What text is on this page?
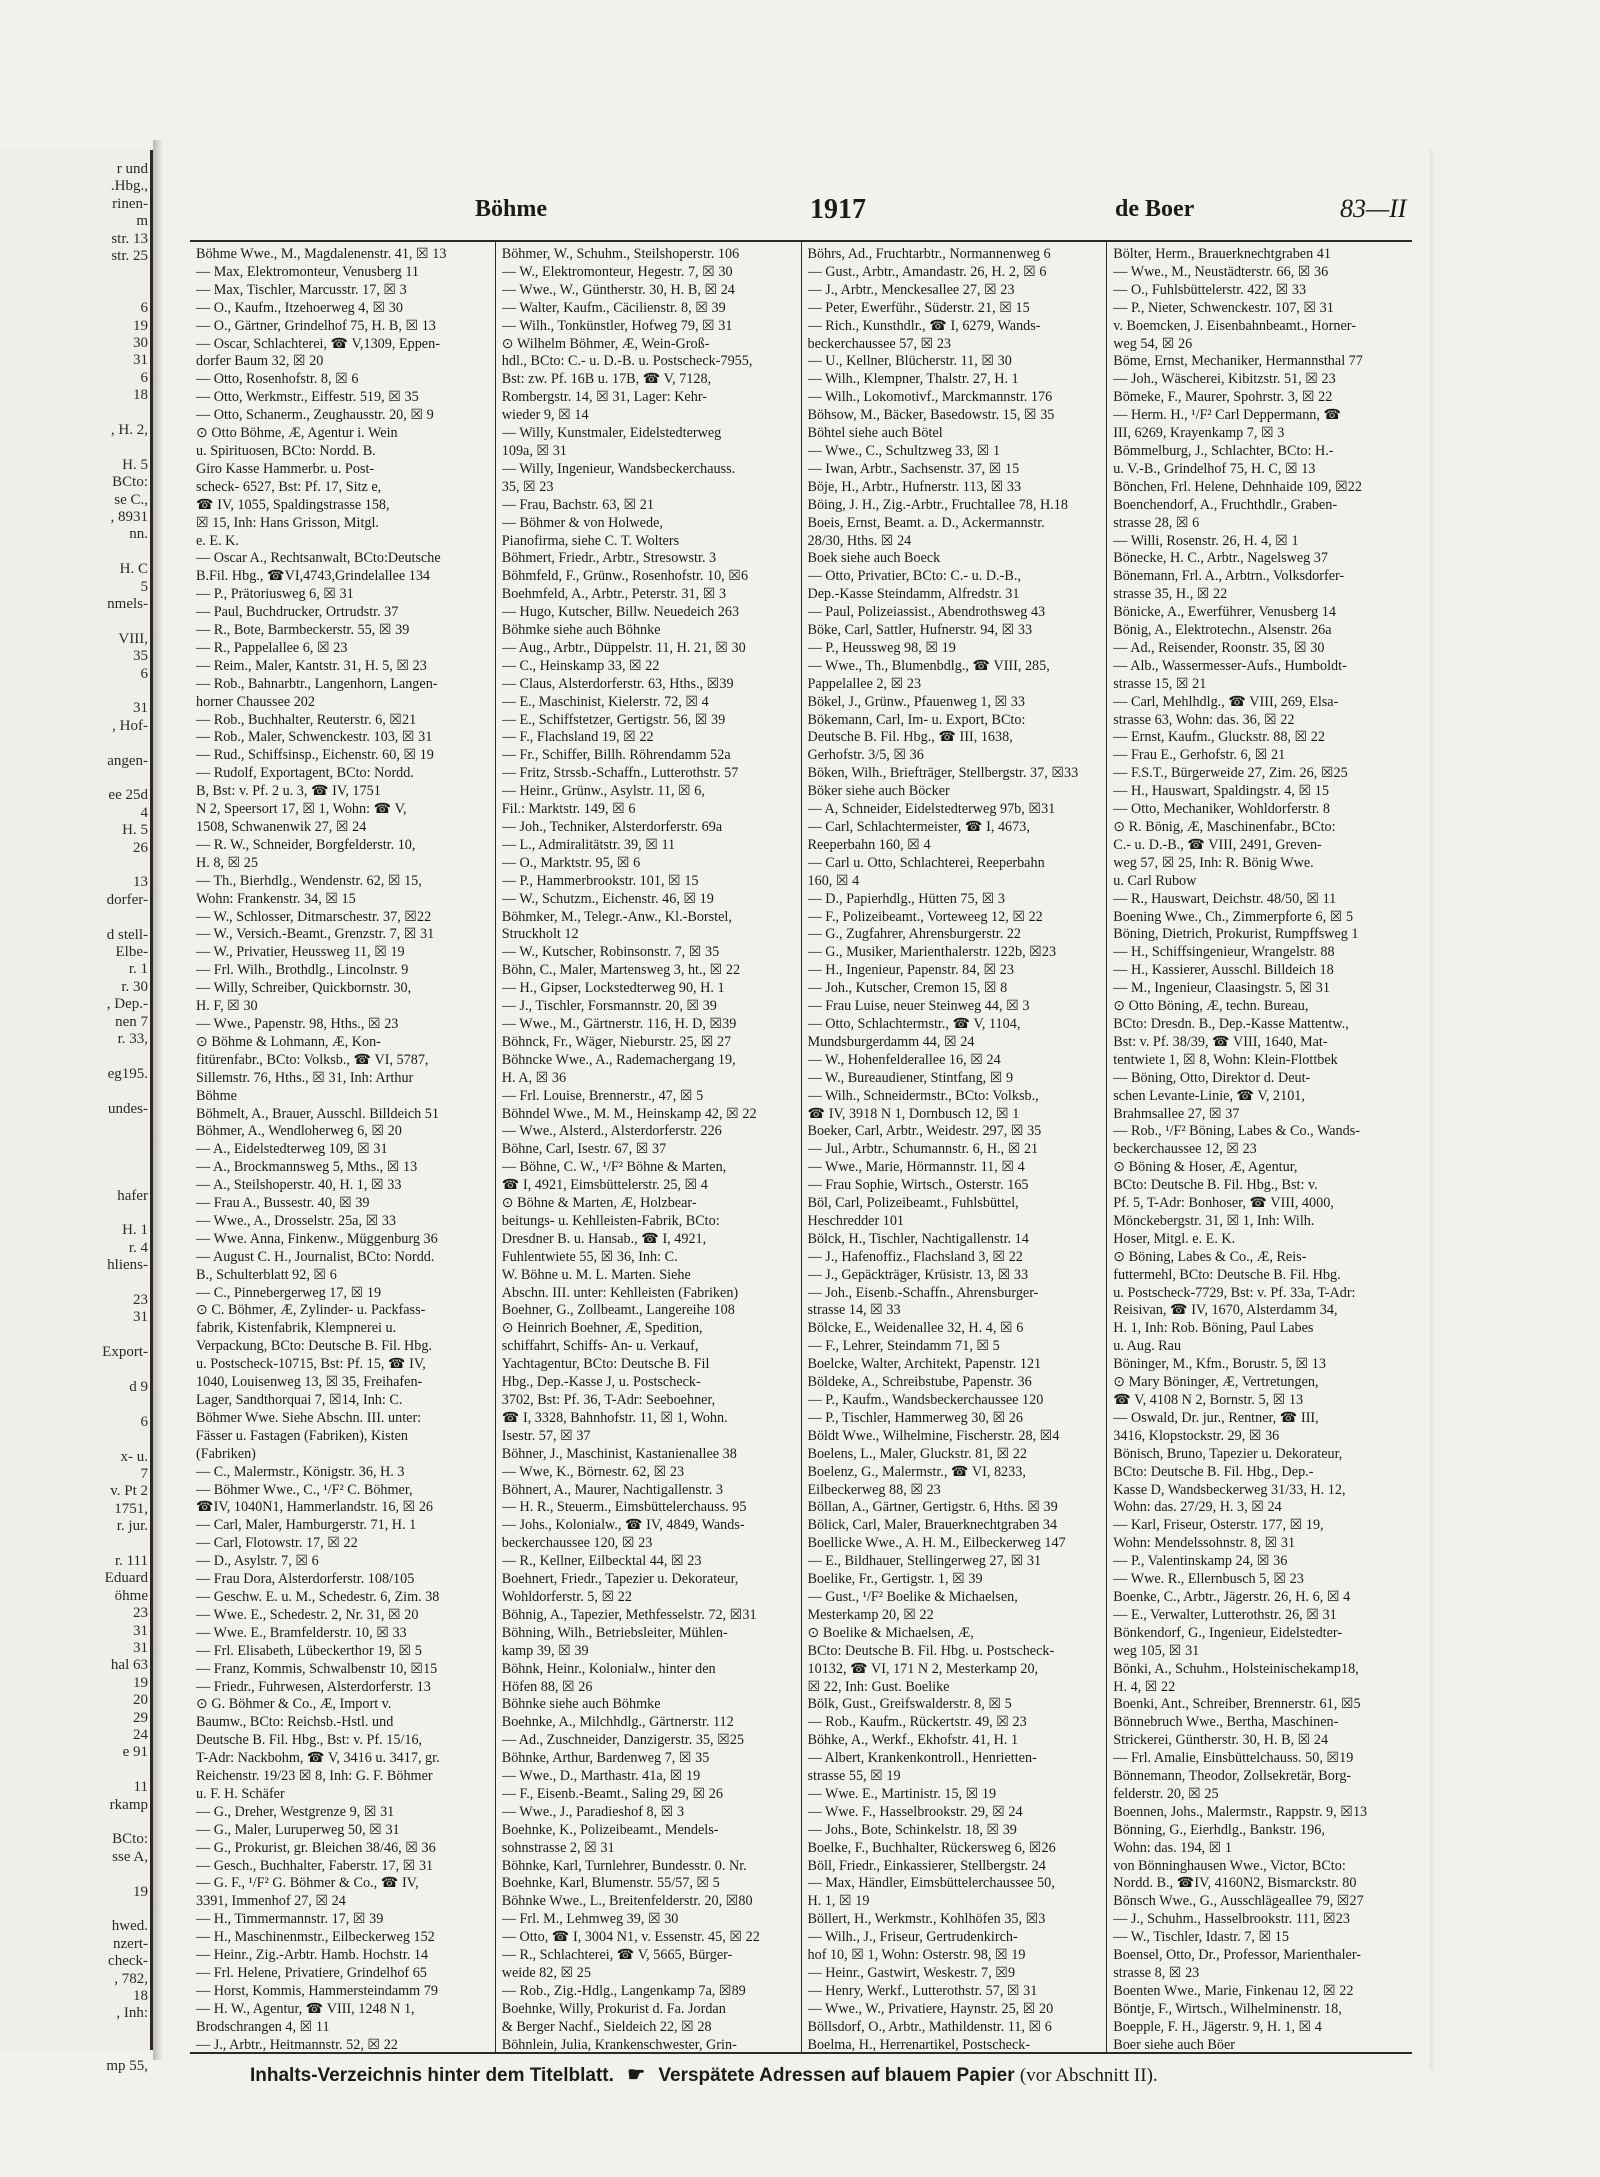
r und
.Hbg.,
rinen-
m
str. 13
str. 25
6
19
30
31
6
18
, H. 2,
H. 5
BCto:
se C.,
, 8931
nn.
H. C
5
nmels-
VIII,
35
6
31
, Hof-
angen-
ee 25d
4
H. 5
26
13
dorfer-
d stell-
Elbe-
r. 1
r. 30
, Dep.-
nen 7
r. 33,
eg195.
undes-
hafer
H. 1
r. 4
hliens-
23
31
Export-
d 9
6
x- u.
7
v. Pt 2
1751,
r. jur.
r. 111
Eduard
öhme
23
31
31
hal 63
19
20
29
24
e 91
11
rkamp
BCto:
sse A,
19
hwed.
nzert-
check-
, 782,
18
, Inh:
mp 55,
Böhme	1917	de Boer	83—II
Böhme Wwe., M., Magdalenenstr. 41, ☒ 13
— Max, Elektromonteur, Venusberg 11
— Max, Tischler, Marcusstr. 17, ☒ 3
— O., Kaufm., Itzehoerweg 4, ☒ 30
— O., Gärtner, Grindelhof 75, H. B, ☒ 13
— Oscar, Schlachterei, ☎ V,1309, Eppen-
dorfer Baum 32, ☒ 20
— Otto, Rosenhofstr. 8, ☒ 6
— Otto, Werkmstr., Eiffestr. 519, ☒ 35
— Otto, Schanerm., Zeughausstr. 20, ☒ 9
⊙ Otto Böhme, Æ, Agentur i. Wein
u. Spirituosen, BCto: Nordd. B.
Giro Kasse Hammerbr. u. Post-
scheck- 6527, Bst: Pf. 17, Sitz e,
☎ IV, 1055, Spaldingstrasse 158,
☒ 15, Inh: Hans Grisson, Mitgl.
e. E. K.
— Oscar A., Rechtsanwalt, BCto:Deutsche
B.Fil. Hbg., ☎VI,4743,Grindelallee 134
— P., Prätoriusweg 6, ☒ 31
— Paul, Buchdrucker, Ortrudstr. 37
— R., Bote, Barmbeckerstr. 55, ☒ 39
— R., Pappelallee 6, ☒ 23
— Reim., Maler, Kantstr. 31, H. 5, ☒ 23
— Rob., Bahnarbtr., Langenhorn, Langen-
horner Chaussee 202
— Rob., Buchhalter, Reuterstr. 6, ☒21
— Rob., Maler, Schwenckestr. 103, ☒ 31
— Rud., Schiffsinsp., Eichenstr. 60, ☒ 19
— Rudolf, Exportagent, BCto: Nordd.
B, Bst: v. Pf. 2 u. 3, ☎ IV, 1751
N 2, Speersort 17, ☒ 1, Wohn: ☎ V,
1508, Schwanenwik 27, ☒ 24
— R. W., Schneider, Borgfelderstr. 10,
H. 8, ☒ 25
— Th., Bierhdlg., Wendenstr. 62, ☒ 15,
Wohn: Frankenstr. 34, ☒ 15
— W., Schlosser, Ditmarschestr. 37, ☒22
— W., Versich.-Beamt., Grenzstr. 7, ☒ 31
— W., Privatier, Heussweg 11, ☒ 19
— Frl. Wilh., Brothdlg., Lincolnstr. 9
— Willy, Schreiber, Quickbornstr. 30,
H. F, ☒ 30
— Wwe., Papenstr. 98, Hths., ☒ 23
⊙ Böhme & Lohmann, Æ, Kon-
fitürenfabr., BCto: Volksb., ☎ VI, 5787,
Sillemstr. 76, Hths., ☒ 31, Inh: Arthur
Böhme
Böhmelt, A., Brauer, Ausschl. Billdeich 51
Böhmer, A., Wendloherweg 6, ☒ 20
— A., Eidelstedterweg 109, ☒ 31
— A., Brockmannsweg 5, Mths., ☒ 13
— A., Steilshoperstr. 40, H. 1, ☒ 33
— Frau A., Bussestr. 40, ☒ 39
— Wwe., A., Drosselstr. 25a, ☒ 33
— Wwe. Anna, Finkenw., Müggenburg 36
— August C. H., Journalist, BCto: Nordd.
B., Schulterblatt 92, ☒ 6
— C., Pinnebergerweg 17, ☒ 19
⊙ C. Böhmer, Æ, Zylinder- u. Packfass-
fabrik, Kistenfabrik, Klempnerei u.
Verpackung, BCto: Deutsche B. Fil. Hbg.
u. Postscheck-10715, Bst: Pf. 15, ☎ IV,
1040, Louisenweg 13, ☒ 35, Freihafen-
Lager, Sandthorquai 7, ☒14, Inh: C.
Böhmer Wwe. Siehe Abschn. III. unter:
Fässer u. Fastagen (Fabriken), Kisten
(Fabriken)
— C., Malermstr., Königstr. 36, H. 3
— Böhmer Wwe., C., ¹/F² C. Böhmer,
☎IV, 1040N1, Hammerlandstr. 16, ☒ 26
— Carl, Maler, Hamburgerstr. 71, H. 1
— Carl, Flotowstr. 17, ☒ 22
— D., Asylstr. 7, ☒ 6
— Frau Dora, Alsterdorferstr. 108/105
— Geschw. E. u. M., Schedestr. 6, Zim. 38
— Wwe. E., Schedestr. 2, Nr. 31, ☒ 20
— Wwe. E., Bramfelderstr. 10, ☒ 33
— Frl. Elisabeth, Lübeckerthor 19, ☒ 5
— Franz, Kommis, Schwalbenstr 10, ☒15
— Friedr., Fuhrwesen, Alsterdorferstr. 13
⊙ G. Böhmer & Co., Æ, Import v.
Baumw., BCto: Reichsb.-Hstl. und
Deutsche B. Fil. Hbg., Bst: v. Pf. 15/16,
T-Adr: Nackbohm, ☎ V, 3416 u. 3417, gr.
Reichenstr. 19/23 ☒ 8, Inh: G. F. Böhmer
u. F. H. Schäfer
— G., Dreher, Westgrenze 9, ☒ 31
— G., Maler, Luruperweg 50, ☒ 31
— G., Prokurist, gr. Bleichen 38/46, ☒ 36
— Gesch., Buchhalter, Faberstr. 17, ☒ 31
— G. F., ¹/F² G. Böhmer & Co., ☎ IV,
3391, Immenhof 27, ☒ 24
— H., Timmermannstr. 17, ☒ 39
— H., Maschinenmstr., Eilbeckerweg 152
— Heinr., Zig.-Arbtr. Hamb. Hochstr. 14
— Frl. Helene, Privatiere, Grindelhof 65
— Horst, Kommis, Hammersteindamm 79
— H. W., Agentur, ☎ VIII, 1248 N 1,
Brodschrangen 4, ☒ 11
— J., Arbtr., Heitmannstr. 52, ☒ 22
Böhmer, W., Schuhm., Steilshoperstr. 106
— W., Elektromonteur, Hegestr. 7, ☒ 30
— Wwe., W., Güntherstr. 30, H. B, ☒ 24
— Walter, Kaufm., Cäcilienstr. 8, ☒ 39
— Wilh., Tonkünstler, Hofweg 79, ☒ 31
⊙ Wilhelm Böhmer, Æ, Wein-Groß-
hdl., BCto: C.- u. D.-B. u. Postscheck-7955,
Bst: zw. Pf. 16B u. 17B, ☎ V, 7128,
Rombergstr. 14, ☒ 31, Lager: Kehr-
wieder 9, ☒ 14
— Willy, Kunstmaler, Eidelstedterweg
109a, ☒ 31
— Willy, Ingenieur, Wandsbeckerchauss.
35, ☒ 23
— Frau, Bachstr. 63, ☒ 21
— Böhmer & von Holwede,
Pianofirma, siehe C. T. Wolters
Böhmert, Friedr., Arbtr., Stresowstr. 3
Böhmfeld, F., Grünw., Rosenhofstr. 10, ☒6
Boehmfeld, A., Arbtr., Peterstr. 31, ☒ 3
— Hugo, Kutscher, Billw. Neuedeich 263
Böhmke siehe auch Böhnke
— Aug., Arbtr., Düppelstr. 11, H. 21, ☒ 30
— C., Heinskamp 33, ☒ 22
— Claus, Alsterdorferstr. 63, Hths., ☒39
— E., Maschinist, Kielerstr. 72, ☒ 4
— E., Schiffstetzer, Gertigstr. 56, ☒ 39
— F., Flachsland 19, ☒ 22
— Fr., Schiffer, Billh. Röhrendamm 52a
— Fritz, Strssb.-Schaffn., Lutterothstr. 57
— Heinr., Grünw., Asylstr. 11, ☒ 6,
Fil.: Marktstr. 149, ☒ 6
— Joh., Techniker, Alsterdorferstr. 69a
— L., Admiralitätstr. 39, ☒ 11
— O., Marktstr. 95, ☒ 6
— P., Hammerbrookstr. 101, ☒ 15
— W., Schutzm., Eichenstr. 46, ☒ 19
Böhmker, M., Telegr.-Anw., Kl.-Borstel,
Struckholt 12
— W., Kutscher, Robinsonstr. 7, ☒ 35
Böhn, C., Maler, Martensweg 3, ht., ☒ 22
— H., Gipser, Lockstedterweg 90, H. 1
— J., Tischler, Forsmannstr. 20, ☒ 39
— Wwe., M., Gärtnerstr. 116, H. D, ☒39
Böhnck, Fr., Wäger, Nieburstr. 25, ☒ 27
Böhncke Wwe., A., Rademachergang 19,
H. A, ☒ 36
— Frl. Louise, Brennerstr., 47, ☒ 5
Böhndel Wwe., M. M., Heinskamp 42, ☒ 22
— Wwe., Alsterd., Alsterdorferstr. 226
Böhne, Carl, Isestr. 67, ☒ 37
— Böhne, C. W., ¹/F² Böhne & Marten,
☎ I, 4921, Eimsbüttelerstr. 25, ☒ 4
⊙ Böhne & Marten, Æ, Holzbear-
beitungs- u. Kehlleisten-Fabrik, BCto:
Dresdner B. u. Hansab., ☎ I, 4921,
Fuhlentwiete 55, ☒ 36, Inh: C.
W. Böhne u. M. L. Marten. Siehe
Abschn. III. unter: Kehlleisten (Fabriken)
Boehner, G., Zollbeamt., Langereihe 108
⊙ Heinrich Boehner, Æ, Spedition,
schiffahrt, Schiffs- An- u. Verkauf,
Yachtagentur, BCto: Deutsche B. Fil
Hbg., Dep.-Kasse J, u. Postscheck-
3702, Bst: Pf. 36, T-Adr: Seeboehner,
☎ I, 3328, Bahnhofstr. 11, ☒ 1, Wohn.
Isestr. 57, ☒ 37
Böhner, J., Maschinist, Kastanienallee 38
— Wwe, K., Börnestr. 62, ☒ 23
Böhnert, A., Maurer, Nachtigallenstr. 3
— H. R., Steuerm., Eimsbüttelerchauss. 95
— Johs., Kolonialw., ☎ IV, 4849, Wands-
beckerchaussee 120, ☒ 23
— R., Kellner, Eilbecktal 44, ☒ 23
Boehnert, Friedr., Tapezier u. Dekorateur,
Wohldorferstr. 5, ☒ 22
Böhnig, A., Tapezier, Methfesselstr. 72, ☒31
Böhning, Wilh., Betriebsleiter, Mühlen-
kamp 39, ☒ 39
Böhnk, Heinr., Kolonialw., hinter den
Höfen 88, ☒ 26
Böhnke siehe auch Böhmke
Boehnke, A., Milchhdlg., Gärtnerstr. 112
— Ad., Zuschneider, Danzigerstr. 35, ☒25
Böhnke, Arthur, Bardenweg 7, ☒ 35
— Wwe., D., Marthastr. 41a, ☒ 19
— F., Eisenb.-Beamt., Saling 29, ☒ 26
— Wwe., J., Paradieshof 8, ☒ 3
Boehnke, K., Polizeibeamt., Mendels-
sohnstrasse 2, ☒ 31
Böhnke, Karl, Turnlehrer, Bundesstr. 0. Nr.
Boehnke, Karl, Blumenstr. 55/57, ☒ 5
Böhnke Wwe., L., Breitenfelderstr. 20, ☒80
— Frl. M., Lehmweg 39, ☒ 30
— Otto, ☎ I, 3004 N1, v. Essenstr. 45, ☒ 22
— R., Schlachterei, ☎ V, 5665, Bürger-
weide 82, ☒ 25
— Rob., Zig.-Hdlg., Langenkamp 7a, ☒89
Boehnke, Willy, Prokurist d. Fa. Jordan
& Berger Nachf., Sieldeich 22, ☒ 28
Böhnlein, Julia, Krankenschwester, Grin-
Böhrs, Ad., Fruchtarbtr., Normannenweg 6
— Gust., Arbtr., Amandastr. 26, H. 2, ☒ 6
— J., Arbtr., Menckesallee 27, ☒ 23
— Peter, Ewerführ., Süderstr. 21, ☒ 15
— Rich., Kunsthdlr., ☎ I, 6279, Wands-
beckerchaussee 57, ☒ 23
— U., Kellner, Blücherstr. 11, ☒ 30
— Wilh., Klempner, Thalstr. 27, H. 1
— Wilh., Lokomotivf., Marckmannstr. 176
Böhsow, M., Bäcker, Basedowstr. 15, ☒ 35
Böhtel siehe auch Bötel
— Wwe., C., Schultzweg 33, ☒ 1
— Iwan, Arbtr., Sachsenstr. 37, ☒ 15
Böje, H., Arbtr., Hufnerstr. 113, ☒ 33
Böing, J. H., Zig.-Arbtr., Fruchtallee 78, H.18
Boeis, Ernst, Beamt. a. D., Ackermannstr.
28/30, Hths. ☒ 24
Boek siehe auch Boeck
— Otto, Privatier, BCto: C.- u. D.-B.,
Dep.-Kasse Steindamm, Alfredstr. 31
— Paul, Polizeiassist., Abendrothsweg 43
Böke, Carl, Sattler, Hufnerstr. 94, ☒ 33
— P., Heussweg 98, ☒ 19
— Wwe., Th., Blumenbdlg., ☎ VIII, 285,
Pappelallee 2, ☒ 23
Bökel, J., Grünw., Pfauenweg 1, ☒ 33
Bökemann, Carl, Im- u. Export, BCto:
Deutsche B. Fil. Hbg., ☎ III, 1638,
Gerhofstr. 3/5, ☒ 36
Böken, Wilh., Briefträger, Stellbergstr. 37, ☒33
Böker siehe auch Böcker
— A, Schneider, Eidelstedterweg 97b, ☒31
— Carl, Schlachtermeister, ☎ I, 4673,
Reeperbahn 160, ☒ 4
— Carl u. Otto, Schlachterei, Reeperbahn
160, ☒ 4
— D., Papierhdlg., Hütten 75, ☒ 3
— F., Polizeibeamt., Vorteweeg 12, ☒ 22
— G., Zugfahrer, Ahrensburgerstr. 22
— G., Musiker, Marienthalerstr. 122b, ☒23
— H., Ingenieur, Papenstr. 84, ☒ 23
— Joh., Kutscher, Cremon 15, ☒ 8
— Frau Luise, neuer Steinweg 44, ☒ 3
— Otto, Schlachtermstr., ☎ V, 1104,
Mundsburgerdamm 44, ☒ 24
— W., Hohenfelderallee 16, ☒ 24
— W., Bureaudiener, Stintfang, ☒ 9
— Wilh., Schneidermstr., BCto: Volksb.,
☎ IV, 3918 N 1, Dornbusch 12, ☒ 1
Boeker, Carl, Arbtr., Weidestr. 297, ☒ 35
— Jul., Arbtr., Schumannstr. 6, H., ☒ 21
— Wwe., Marie, Hörmannstr. 11, ☒ 4
— Frau Sophie, Wirtsch., Osterstr. 165
Böl, Carl, Polizeibeamt., Fuhlsbüttel,
Heschredder 101
Bölck, H., Tischler, Nachtigallenstr. 14
— J., Hafenoffiz., Flachsland 3, ☒ 22
— J., Gepäckträger, Krüsistr. 13, ☒ 33
— Joh., Eisenb.-Schaffn., Ahrensburger-
strasse 14, ☒ 33
Bölcke, E., Weidenallee 32, H. 4, ☒ 6
— F., Lehrer, Steindamm 71, ☒ 5
Boelcke, Walter, Architekt, Papenstr. 121
Böldeke, A., Schreibstube, Papenstr. 36
— P., Kaufm., Wandsbeckerchaussee 120
— P., Tischler, Hammerweg 30, ☒ 26
Böldt Wwe., Wilhelmine, Fischerstr. 28, ☒4
Boelens, L., Maler, Gluckstr. 81, ☒ 22
Boelenz, G., Malermstr., ☎ VI, 8233,
Eilbeckerweg 88, ☒ 23
Böllan, A., Gärtner, Gertigstr. 6, Hths. ☒ 39
Bölick, Carl, Maler, Brauerknechtgraben 34
Boellicke Wwe., A. H. M., Eilbeckerweg 147
— E., Bildhauer, Stellingerweg 27, ☒ 31
Boelike, Fr., Gertigstr. 1, ☒ 39
— Gust., ¹/F² Boelike & Michaelsen,
Mesterkamp 20, ☒ 22
⊙ Boelike & Michaelsen, Æ,
BCto: Deutsche B. Fil. Hbg. u. Postscheck-
10132, ☎ VI, 171 N 2, Mesterkamp 20,
☒ 22, Inh: Gust. Boelike
Bölk, Gust., Greifswalderstr. 8, ☒ 5
— Rob., Kaufm., Rückertstr. 49, ☒ 23
Böhke, A., Werkf., Ekhofstr. 41, H. 1
— Albert, Krankenkontroll., Henrietten-
strasse 55, ☒ 19
— Wwe. E., Martinistr. 15, ☒ 19
— Wwe. F., Hasselbrookstr. 29, ☒ 24
— Johs., Bote, Schinkelstr. 18, ☒ 39
Boelke, F., Buchhalter, Rückersweg 6, ☒26
Böll, Friedr., Einkassierer, Stellbergstr. 24
— Max, Händler, Eimsbüttelerchaussee 50,
H. 1, ☒ 19
Böllert, H., Werkmstr., Kohlhöfen 35, ☒3
— Wilh., J., Friseur, Gertrudenkirch-
hof 10, ☒ 1, Wohn: Osterstr. 98, ☒ 19
— Heinr., Gastwirt, Weskestr. 7, ☒9
— Henry, Werkf., Lutterothstr. 57, ☒ 31
— Wwe., W., Privatiere, Haynstr. 25, ☒ 20
Böllsdorf, O., Arbtr., Mathildenstr. 11, ☒ 6
Boelma, H., Herrenartikel, Postscheck-
Bölter, Herm., Brauerknechtgraben 41
— Wwe., M., Neustädterstr. 66, ☒ 36
— O., Fuhlsbüttelerstr. 422, ☒ 33
— P., Nieter, Schwenckestr. 107, ☒ 31
v. Boemcken, J. Eisenbahnbeamt., Horner-
weg 54, ☒ 26
Böme, Ernst, Mechaniker, Hermannsthal 77
— Joh., Wäscherei, Kibitzstr. 51, ☒ 23
Bömeke, F., Maurer, Spohrstr. 3, ☒ 22
— Herm. H., ¹/F² Carl Deppermann, ☎
III, 6269, Krayenkamp 7, ☒ 3
Bömmelburg, J., Schlachter, BCto: H.-
u. V.-B., Grindelhof 75, H. C, ☒ 13
Bönchen, Frl. Helene, Dehnhaide 109, ☒22
Boenchendorf, A., Fruchthdlr., Graben-
strasse 28, ☒ 6
— Willi, Rosenstr. 26, H. 4, ☒ 1
Bönecke, H. C., Arbtr., Nagelsweg 37
Bönemann, Frl. A., Arbtrn., Volksdorfer-
strasse 35, H., ☒ 22
Bönicke, A., Ewerführer, Venusberg 14
Bönig, A., Elektrotechn., Alsenstr. 26a
— Ad., Reisender, Roonstr. 35, ☒ 30
— Alb., Wassermesser-Aufs., Humboldt-
strasse 15, ☒ 21
— Carl, Mehlhdlg., ☎ VIII, 269, Elsa-
strasse 63, Wohn: das. 36, ☒ 22
— Ernst, Kaufm., Gluckstr. 88, ☒ 22
— Frau E., Gerhofstr. 6, ☒ 21
— F.S.T., Bürgerweide 27, Zim. 26, ☒25
— H., Hauswart, Spaldingstr. 4, ☒ 15
— Otto, Mechaniker, Wohldorferstr. 8
⊙ R. Bönig, Æ, Maschinenfabr., BCto:
C.- u. D.-B., ☎ VIII, 2491, Greven-
weg 57, ☒ 25, Inh: R. Bönig Wwe.
u. Carl Rubow
— R., Hauswart, Deichstr. 48/50, ☒ 11
Boening Wwe., Ch., Zimmerpforte 6, ☒ 5
Böning, Dietrich, Prokurist, Rumpffsweg 1
— H., Schiffsingenieur, Wrangelstr. 88
— H., Kassierer, Ausschl. Billdeich 18
— M., Ingenieur, Claasingstr. 5, ☒ 31
⊙ Otto Böning, Æ, techn. Bureau,
BCto: Dresdn. B., Dep.-Kasse Mattentw.,
Bst: v. Pf. 38/39, ☎ VIII, 1640, Mat-
tentwiete 1, ☒ 8, Wohn: Klein-Flottbek
— Böning, Otto, Direktor d. Deut-
schen Levante-Linie, ☎ V, 2101,
Brahmsallee 27, ☒ 37
— Rob., ¹/F² Böning, Labes & Co., Wands-
beckerchaussee 12, ☒ 23
⊙ Böning & Hoser, Æ, Agentur,
BCto: Deutsche B. Fil. Hbg., Bst: v.
Pf. 5, T-Adr: Bonhoser, ☎ VIII, 4000,
Mönckebergstr. 31, ☒ 1, Inh: Wilh.
Hoser, Mitgl. e. E. K.
⊙ Böning, Labes & Co., Æ, Reis-
futtermehl, BCto: Deutsche B. Fil. Hbg.
u. Postscheck-7729, Bst: v. Pf. 33a, T-Adr:
Reisivan, ☎ IV, 1670, Alsterdamm 34,
H. 1, Inh: Rob. Böning, Paul Labes
u. Aug. Rau
Böninger, M., Kfm., Borustr. 5, ☒ 13
⊙ Mary Böninger, Æ, Vertretungen,
☎ V, 4108 N 2, Bornstr. 5, ☒ 13
— Oswald, Dr. jur., Rentner, ☎ III,
3416, Klopstockstr. 29, ☒ 36
Bönisch, Bruno, Tapezier u. Dekorateur,
BCto: Deutsche B. Fil. Hbg., Dep.-
Kasse D, Wandsbeckerweg 31/33, H. 12,
Wohn: das. 27/29, H. 3, ☒ 24
— Karl, Friseur, Osterstr. 177, ☒ 19,
Wohn: Mendelssohnstr. 8, ☒ 31
— P., Valentinskamp 24, ☒ 36
— Wwe. R., Ellernbusch 5, ☒ 23
Boenke, C., Arbtr., Jägerstr. 26, H. 6, ☒ 4
— E., Verwalter, Lutterothstr. 26, ☒ 31
Bönkendorf, G., Ingenieur, Eidelstedter-
weg 105, ☒ 31
Bönki, A., Schuhm., Holsteinischekamp18,
H. 4, ☒ 22
Boenki, Ant., Schreiber, Brennerstr. 61, ☒5
Bönnebruch Wwe., Bertha, Maschinen-
Strickerei, Güntherstr. 30, H. B, ☒ 24
— Frl. Amalie, Einsbüttelchauss. 50, ☒19
Bönnemann, Theodor, Zollsekretär, Borg-
felderstr. 20, ☒ 25
Boennen, Johs., Malermstr., Rappstr. 9, ☒13
Bönning, G., Eierhdlg., Bankstr. 196,
Wohn: das. 194, ☒ 1
von Bönninghausen Wwe., Victor, BCto:
Nordd. B., ☎IV, 4160N2, Bismarckstr. 80
Bönsch Wwe., G., Ausschlägeallee 79, ☒27
— J., Schuhm., Hasselbrookstr. 111, ☒23
— W., Tischler, Idastr. 7, ☒ 15
Boensel, Otto, Dr., Professor, Marienthaler-
strasse 8, ☒ 23
Boenten Wwe., Marie, Finkenau 12, ☒ 22
Böntje, F., Wirtsch., Wilhelminenstr. 18,
Boepple, F. H., Jägerstr. 9, H. 1, ☒ 4
Boer siehe auch Böer
Inhalts-Verzeichnis hinter dem Titelblatt. ☛ Verspätete Adressen auf blauem Papier (vor Abschnitt II).
